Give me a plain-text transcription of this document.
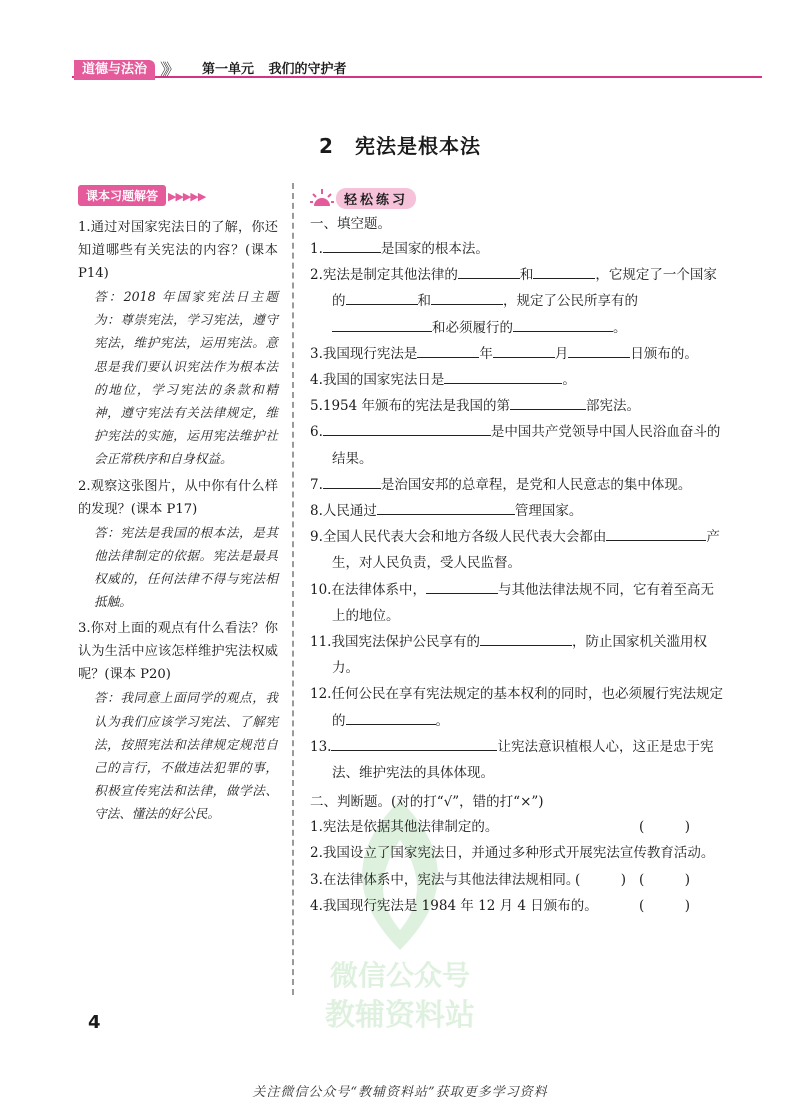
道德与法治 》》 第一单元 我们的守护者
2　宪法是根本法
微信公众号
教辅资料站
课本习题解答 ▶▶▶▶▶
1.通过对国家宪法日的了解，你还知道哪些有关宪法的内容？(课本 P14)
答：2018 年国家宪法日主题为：尊崇宪法，学习宪法，遵守宪法，维护宪法，运用宪法。意思是我们要认识宪法作为根本法的地位，学习宪法的条款和精神，遵守宪法有关法律规定，维护宪法的实施，运用宪法维护社会正常秩序和自身权益。
2.观察这张图片，从中你有什么样的发现？(课本 P17)
答：宪法是我国的根本法，是其他法律制定的依据。宪法是最具权威的，任何法律不得与宪法相抵触。
3.你对上面的观点有什么看法？你认为生活中应该怎样维护宪法权威呢？(课本 P20)
答：我同意上面同学的观点，我认为我们应该学习宪法、了解宪法，按照宪法和法律规定规范自己的言行，不做违法犯罪的事，积极宣传宪法和法律，做学法、守法、懂法的好公民。
轻松练习
一、填空题。

1.	是国家的根本法。

2.宪法是制定其他法律的	和	，它规定了一个国家的	和	，规定了公民所享有的和必须履行的	。

3.我国现行宪法是	年	月	日颁布的。

4.我国的国家宪法日是	。

5.1954 年颁布的宪法是我国的第	部宪法。

6.	是中国共产党领导中国人民浴血奋斗的结果。

7.	是治国安邦的总章程，是党和人民意志的集中体现。

8.人民通过	管理国家。

9.全国人民代表大会和地方各级人民代表大会都由	产生，对人民负责，受人民监督。

10.在法律体系中，	与其他法律法规不同，它有着至高无上的地位。

11.我国宪法保护公民享有的	，防止国家机关滥用权力。

12.任何公民在享有宪法规定的基本权利的同时，也必须履行宪法规定的	。

13.	让宪法意识植根人心，这正是忠于宪法、维护宪法的具体体现。

二、判断题。(对的打“√”，错的打“×”)
(　　　)
1.宪法是依据其他法律制定的。
2.我国设立了国家宪法日，并通过多种形式开展宪法宣传教育活动。

(　　　)
(　　　)
3.在法律体系中，宪法与其他法律法规相同。
(　　　)
4.我国现行宪法是 1984 年 12 月 4 日颁布的。
4
关注微信公众号“教辅资料站”获取更多学习资料
